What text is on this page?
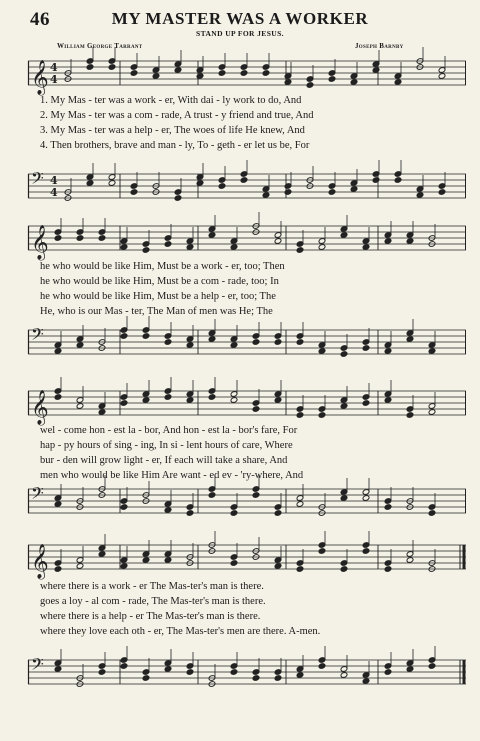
46	MY MASTER WAS A WORKER
STAND UP FOR JESUS.
William George Tarrant	Joseph Barnby
𝄞 4
4
1. My Mas - ter was a work - er, With dai - ly work to do, And
2. My Mas - ter was a com - rade, A trust - y friend and true, And
3. My Mas - ter was a help - er, The woes of life He knew, And
4. Then brothers, brave and man - ly, To - geth - er let us be, For
𝄢 4
4
𝄞
he who would be like Him, Must be a work - er, too; Then
he who would be like Him, Must be a com - rade, too; In
he who would be like Him, Must be a help - er, too; The
He, who is our Mas - ter, The Man of men was He; The
𝄢
𝄞
wel - come hon - est la - bor, And hon - est la - bor's fare, For
hap - py hours of sing - ing, In si - lent hours of care, Where
bur - den will grow light - er, If each will take a share, And
men who would be like Him Are want - ed ev - 'ry-where, And
𝄢
𝄞
where there is a work - er The Mas-ter's man is there.
goes a loy - al com - rade, The Mas-ter's man is there.
where there is a help - er The Mas-ter's man is there.
where they love each oth - er, The Mas-ter's men are there. A-men.
𝄢
